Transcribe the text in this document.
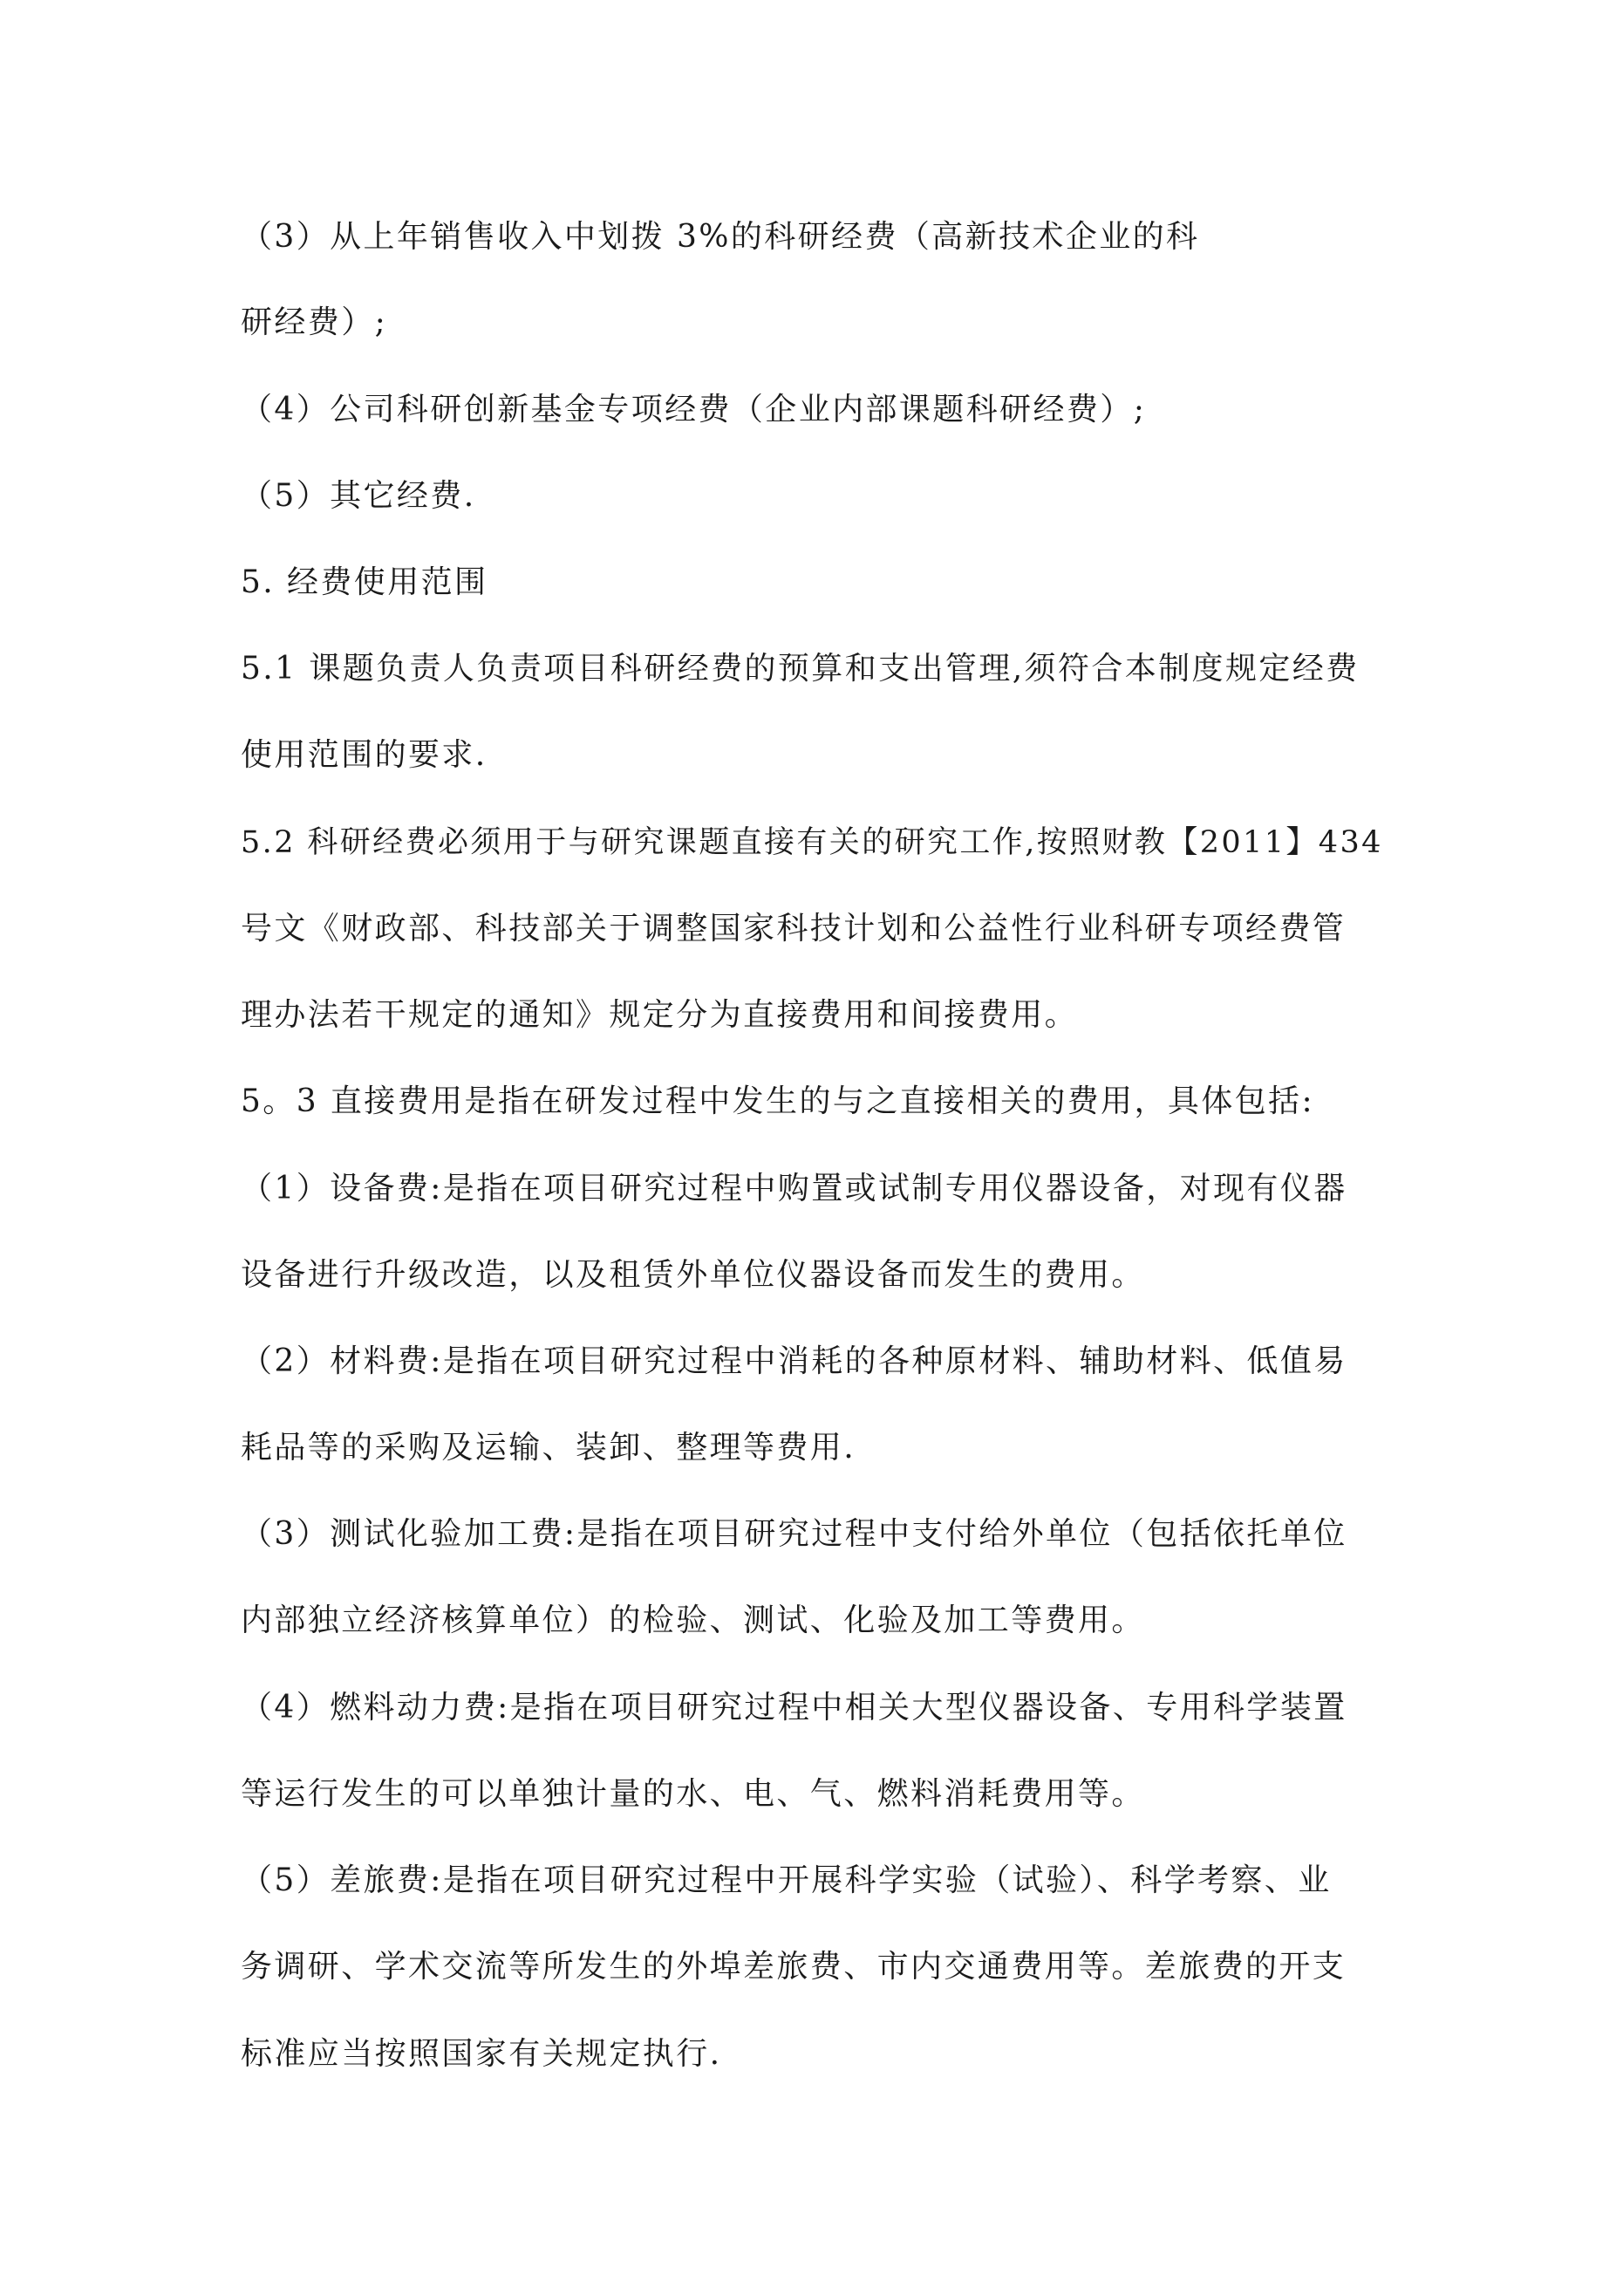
（3）从上年销售收入中划拨 3%的科研经费（高新技术企业的科
研经费）;
（4）公司科研创新基金专项经费（企业内部课题科研经费）;
（5）其它经费.
5. 经费使用范围
5.1 课题负责人负责项目科研经费的预算和支出管理,须符合本制度规定经费
使用范围的要求.
5.2 科研经费必须用于与研究课题直接有关的研究工作,按照财教【2011】434
号文《财政部、科技部关于调整国家科技计划和公益性行业科研专项经费管
理办法若干规定的通知》规定分为直接费用和间接费用。
5。3 直接费用是指在研发过程中发生的与之直接相关的费用，具体包括:
（1）设备费:是指在项目研究过程中购置或试制专用仪器设备，对现有仪器
设备进行升级改造，以及租赁外单位仪器设备而发生的费用。
（2）材料费:是指在项目研究过程中消耗的各种原材料、辅助材料、低值易
耗品等的采购及运输、装卸、整理等费用.
（3）测试化验加工费:是指在项目研究过程中支付给外单位（包括依托单位
内部独立经济核算单位）的检验、测试、化验及加工等费用。
（4）燃料动力费:是指在项目研究过程中相关大型仪器设备、专用科学装置
等运行发生的可以单独计量的水、电、气、燃料消耗费用等。
（5）差旅费:是指在项目研究过程中开展科学实验（试验）、科学考察、业
务调研、学术交流等所发生的外埠差旅费、市内交通费用等。差旅费的开支
标准应当按照国家有关规定执行.
